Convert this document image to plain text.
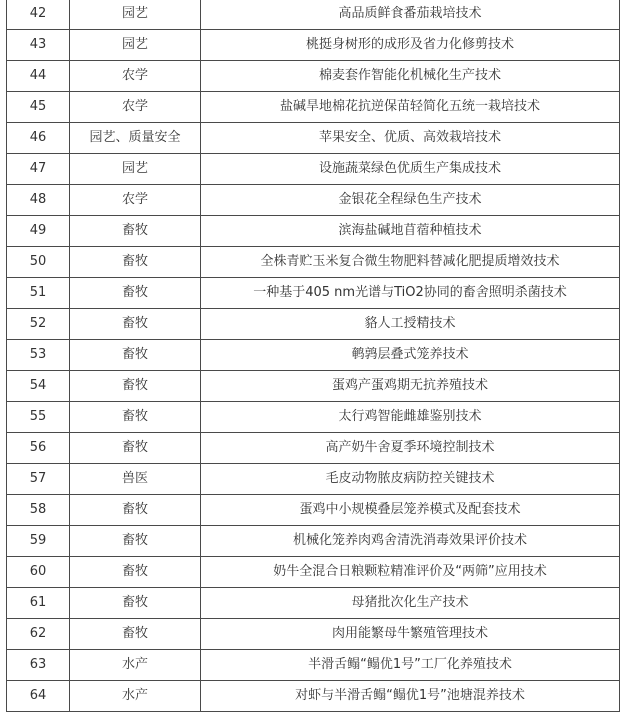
42	园艺	高品质鲜食番茄栽培技术
43	园艺	桃挺身树形的成形及省力化修剪技术
44	农学	棉麦套作智能化机械化生产技术
45	农学	盐碱旱地棉花抗逆保苗轻简化五统一栽培技术
46	园艺、质量安全	苹果安全、优质、高效栽培技术
47	园艺	设施蔬菜绿色优质生产集成技术
48	农学	金银花全程绿色生产技术
49	畜牧	滨海盐碱地苜蓿种植技术
50	畜牧	全株青贮玉米复合微生物肥料替减化肥提质增效技术
51	畜牧	一种基于405 nm光谱与TiO2协同的畜舍照明杀菌技术
52	畜牧	貉人工授精技术
53	畜牧	鹌鹑层叠式笼养技术
54	畜牧	蛋鸡产蛋鸡期无抗养殖技术
55	畜牧	太行鸡智能雌雄鉴别技术
56	畜牧	高产奶牛舍夏季环境控制技术
57	兽医	毛皮动物脓皮病防控关键技术
58	畜牧	蛋鸡中小规模叠层笼养模式及配套技术
59	畜牧	机械化笼养肉鸡舍清洗消毒效果评价技术
60	畜牧	奶牛全混合日粮颗粒精准评价及“两筛”应用技术
61	畜牧	母猪批次化生产技术
62	畜牧	肉用能繁母牛繁殖管理技术
63	水产	半滑舌鳎“鳎优1号”工厂化养殖技术
64	水产	对虾与半滑舌鳎“鳎优1号”池塘混养技术
